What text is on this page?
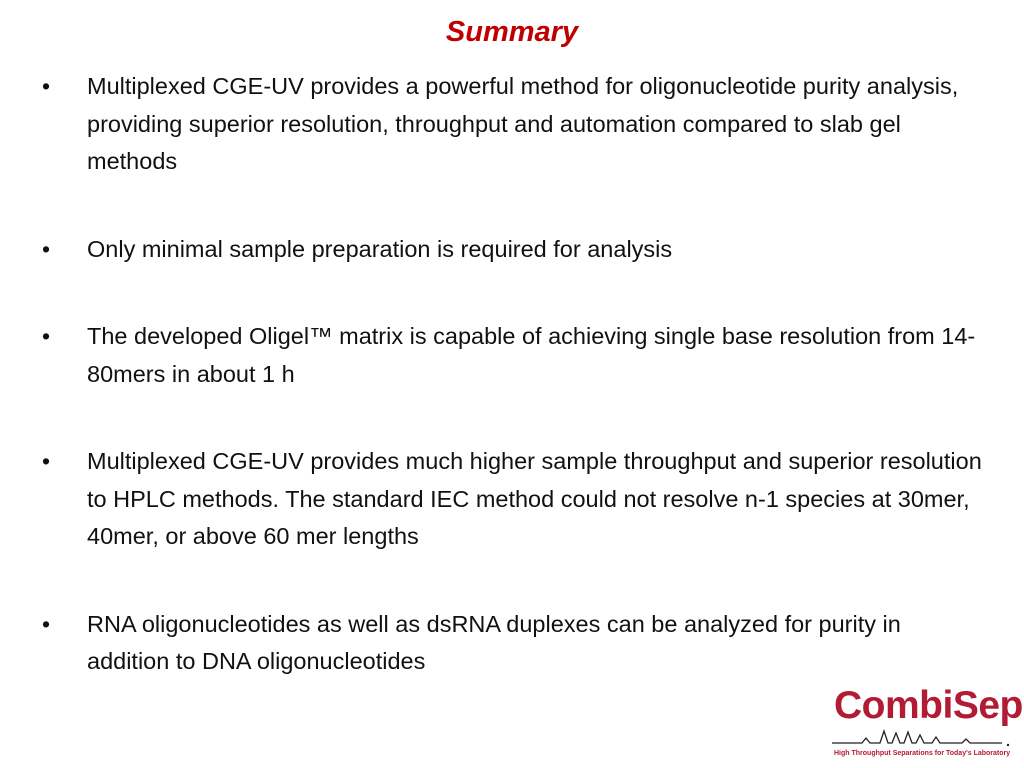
Summary
•	Multiplexed CGE-UV provides a powerful method for oligonucleotide purity analysis, providing superior resolution, throughput and automation compared to slab gel methods
•	Only minimal sample preparation is required for analysis
•	The developed Oligel™ matrix is capable of achieving single base resolution from 14-80mers in about 1 h
•	Multiplexed CGE-UV provides much higher sample throughput and superior resolution to HPLC methods. The standard IEC method could not resolve n-1 species at 30mer, 40mer, or above 60 mer lengths
•	RNA oligonucleotides as well as dsRNA duplexes can be analyzed for purity in addition to DNA oligonucleotides
CombiSep
High Throughput Separations for Today's Laboratory
